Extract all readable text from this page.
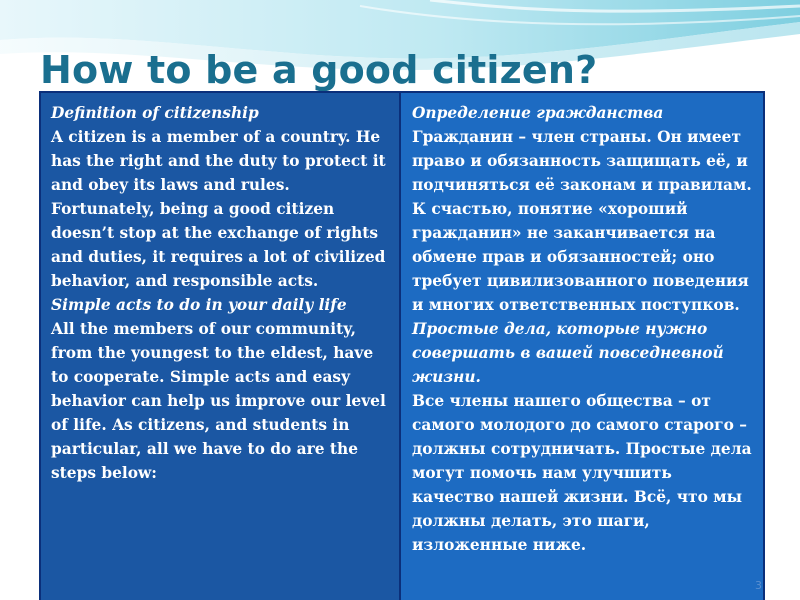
How to be a good citizen?

Definition of citizenship

A citizen is a member of a country. He has the right and the duty to protect it and obey its laws and rules.

Fortunately, being a good citizen doesn’t stop at the exchange of rights and duties, it requires a lot of civilized behavior, and responsible acts.

Simple acts to do in your daily life

All the members of our community, from the youngest to the eldest, have to cooperate. Simple acts and easy behavior can help us improve our level of life. As citizens, and students in particular, all we have to do are the steps below:

Определение гражданства

Гражданин – член страны. Он имеет право и обязанность защищать её, и подчиняться её законам и правилам. К счастью, понятие «хороший гражданин» не заканчивается на обмене прав и обязанностей; оно требует цивилизованного поведения и многих ответственных поступков.

Простые дела, которые нужно совершать в вашей повседневной жизни.

Все члены нашего общества – от самого молодого до самого старого – должны сотрудничать. Простые дела могут помочь нам улучшить качество нашей жизни. Всё, что мы должны делать, это шаги, изложенные ниже.

3
